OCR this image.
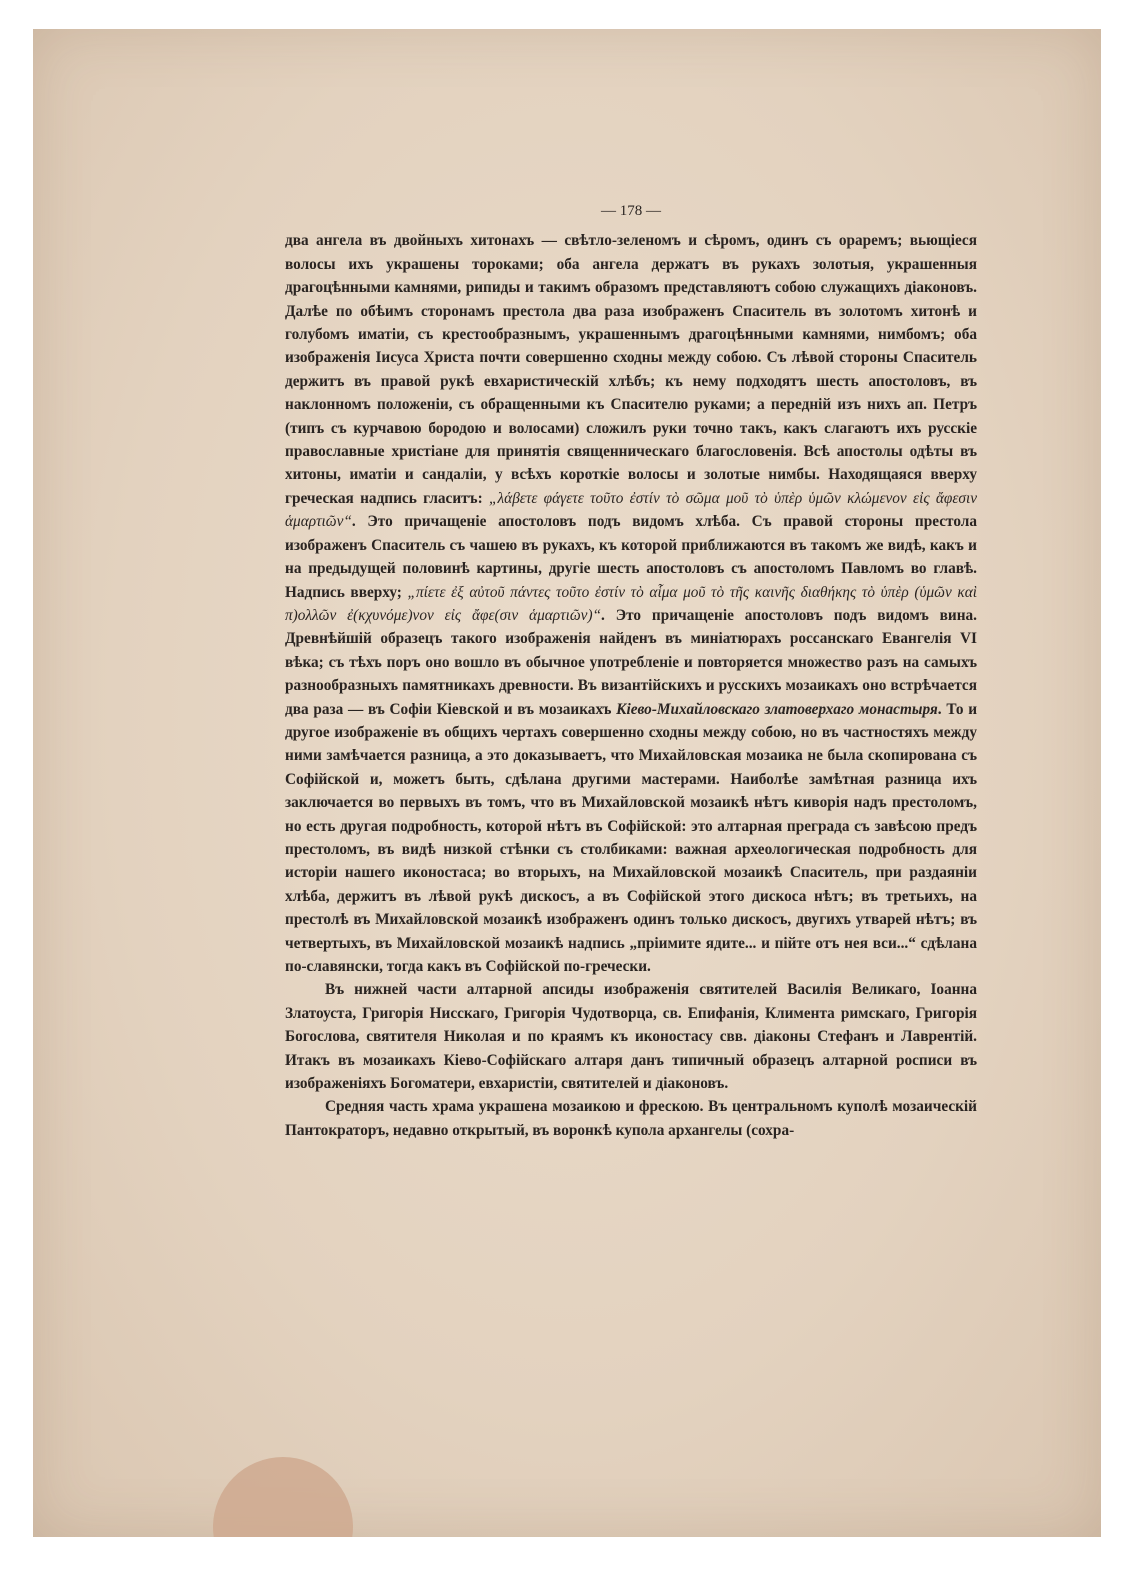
— 178 —

два ангела въ двойныхъ хитонахъ — свѣтло-зеленомъ и сѣромъ, одинъ съ ораремъ; вьющіеся волосы ихъ украшены тороками; оба ангела держатъ въ рукахъ золотыя, украшенныя драгоцѣнными камнями, рипиды и такимъ образомъ представляютъ собою служащихъ діаконовъ. Далѣе по обѣимъ сторонамъ престола два раза изображенъ Спаситель въ золотомъ хитонѣ и голубомъ иматіи, съ крестообразнымъ, украшеннымъ драгоцѣнными камнями, нимбомъ; оба изображенія Іисуса Христа почти совершенно сходны между собою. Съ лѣвой стороны Спаситель держитъ въ правой рукѣ евхаристическій хлѣбъ; къ нему подходятъ шесть апостоловъ, въ наклонномъ положеніи, съ обращенными къ Спасителю руками; а передній изъ нихъ ап. Петръ (типъ съ курчавою бородою и волосами) сложилъ руки точно такъ, какъ слагаютъ ихъ русскіе православные христіане для принятія священническаго благословенія. Всѣ апостолы одѣты въ хитоны, иматіи и сандаліи, у всѣхъ короткіе волосы и золотые нимбы. Находящаяся вверху греческая надпись гласитъ: „λάβετε φάγετε τοῦτο ἐστίν τὸ σῶμα μοῦ τὸ ὑπὲρ ὑμῶν κλώμενον εἰς ἄφεσιν ἁμαρτιῶν“. Это причащеніе апостоловъ подъ видомъ хлѣба. Съ правой стороны престола изображенъ Спаситель съ чашею въ рукахъ, къ которой приближаются въ такомъ же видѣ, какъ и на предыдущей половинѣ картины, другіе шесть апостоловъ съ апостоломъ Павломъ во главѣ. Надпись вверху; „πίετε ἐξ αὐτοῦ πάντες τοῦτο ἐστίν τὸ αἷμα μοῦ τὸ τῆς καινῆς διαθήκης τὸ ὑπὲρ (ὑμῶν καὶ π)ολλῶν ἐ(κχυνόμε)νον εἰς ἄφε(σιν ἁμαρτιῶν)“. Это причащеніе апостоловъ подъ видомъ вина. Древнѣйшій образецъ такого изображенія найденъ въ миніатюрахъ россанскаго Евангелія VI вѣка; съ тѣхъ поръ оно вошло въ обычное употребленіе и повторяется множество разъ на самыхъ разнообразныхъ памятникахъ древности. Въ византійскихъ и русскихъ мозаикахъ оно встрѣчается два раза — въ Софіи Кіевской и въ мозаикахъ Кіево-Михайловскаго златоверхаго монастыря. То и другое изображеніе въ общихъ чертахъ совершенно сходны между собою, но въ частностяхъ между ними замѣчается разница, а это доказываетъ, что Михайловская мозаика не была скопирована съ Софійской и, можетъ быть, сдѣлана другими мастерами. Наиболѣе замѣтная разница ихъ заключается во первыхъ въ томъ, что въ Михайловской мозаикѣ нѣтъ киворія надъ престоломъ, но есть другая подробность, которой нѣтъ въ Софійской: это алтарная преграда съ завѣсою предъ престоломъ, въ видѣ низкой стѣнки съ столбиками: важная археологическая подробность для исторіи нашего иконостаса; во вторыхъ, на Михайловской мозаикѣ Спаситель, при раздаяніи хлѣба, держитъ въ лѣвой рукѣ дискосъ, а въ Софійской этого дискоса нѣтъ; въ третьихъ, на престолѣ въ Михайловской мозаикѣ изображенъ одинъ только дискосъ, двугихъ утварей нѣтъ; въ четвертыхъ, въ Михайловской мозаикѣ надпись „пріимите ядите... и пійте отъ нея вси...“ сдѣлана по-славянски, тогда какъ въ Софійской по-гречески.

Въ нижней части алтарной апсиды изображенія святителей Василія Великаго, Іоанна Златоуста, Григорія Нисскаго, Григорія Чудотворца, св. Епифанія, Климента римскаго, Григорія Богослова, святителя Николая и по краямъ къ иконостасу свв. діаконы Стефанъ и Лаврентій. Итакъ въ мозаикахъ Кіево-Софійскаго алтаря данъ типичный образецъ алтарной росписи въ изображеніяхъ Богоматери, евхаристіи, святителей и діаконовъ.

Средняя часть храма украшена мозаикою и фрескою. Въ центральномъ куполѣ мозаическій Пантократоръ, недавно открытый, въ воронкѣ купола архангелы (сохра-
